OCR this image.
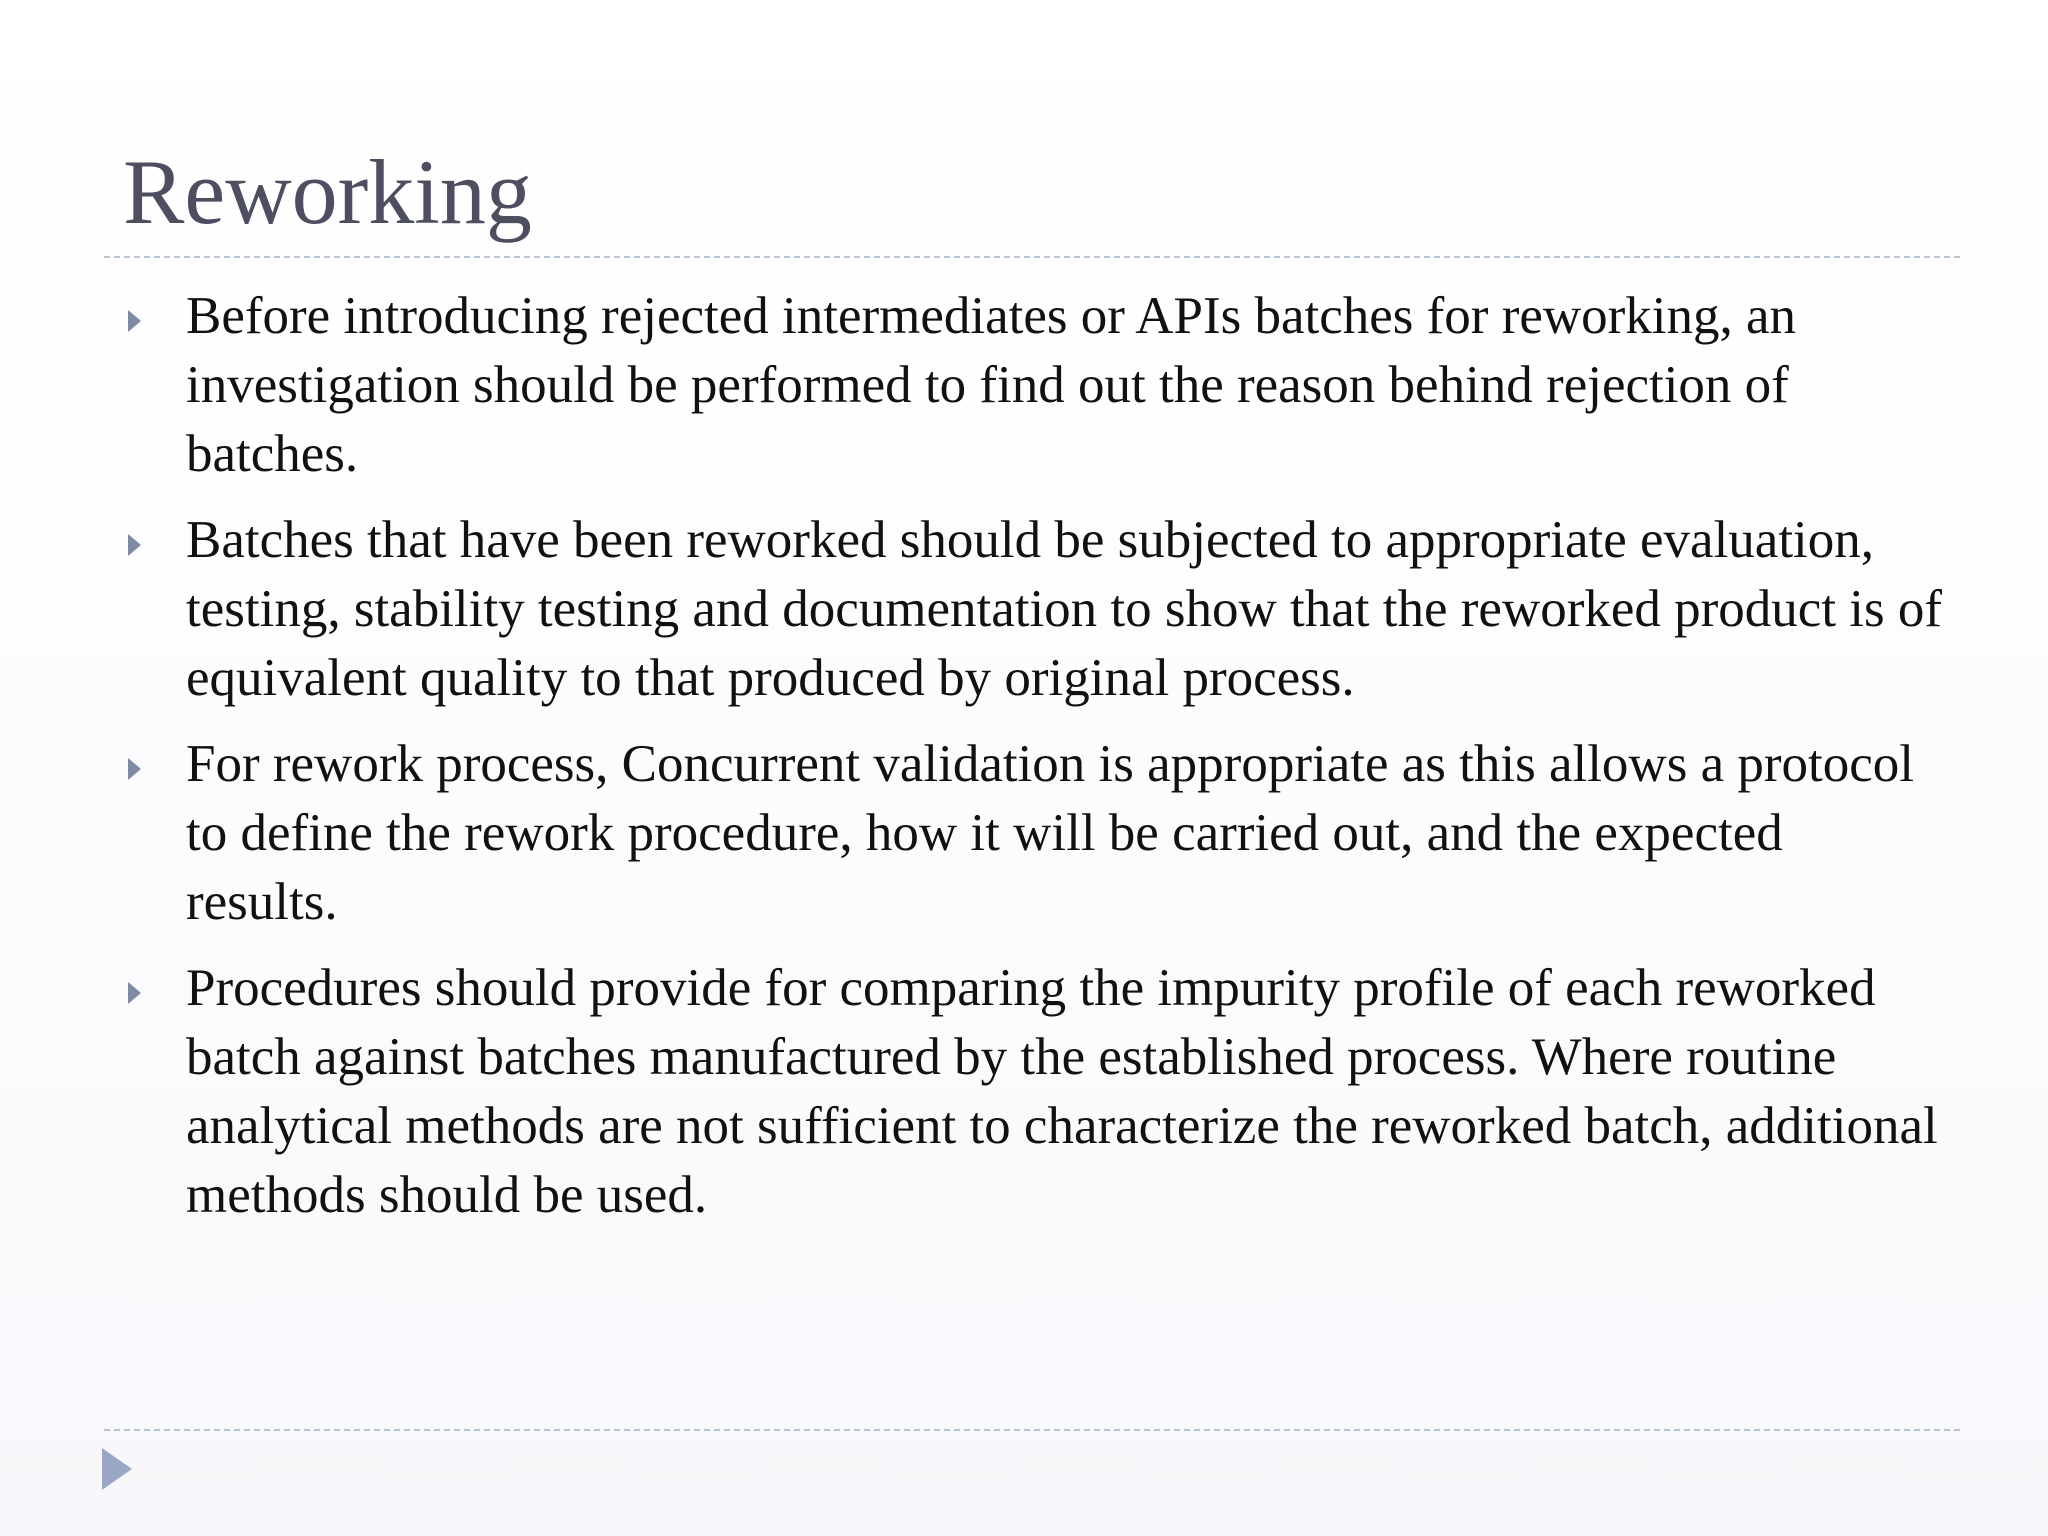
Reworking
Before introducing rejected intermediates or APIs batches for reworking, an investigation should be performed to find out the reason behind rejection of batches.
Batches that have been reworked should be subjected to appropriate evaluation, testing, stability testing and documentation to show that the reworked product is of equivalent quality to that produced by original process.
For rework process, Concurrent validation is appropriate as this allows a protocol to define the rework procedure, how it will be carried out, and the expected results.
Procedures should provide for comparing the impurity profile of each reworked batch against batches manufactured by the established process. Where routine analytical methods are not sufficient to characterize the reworked batch, additional methods should be used.
